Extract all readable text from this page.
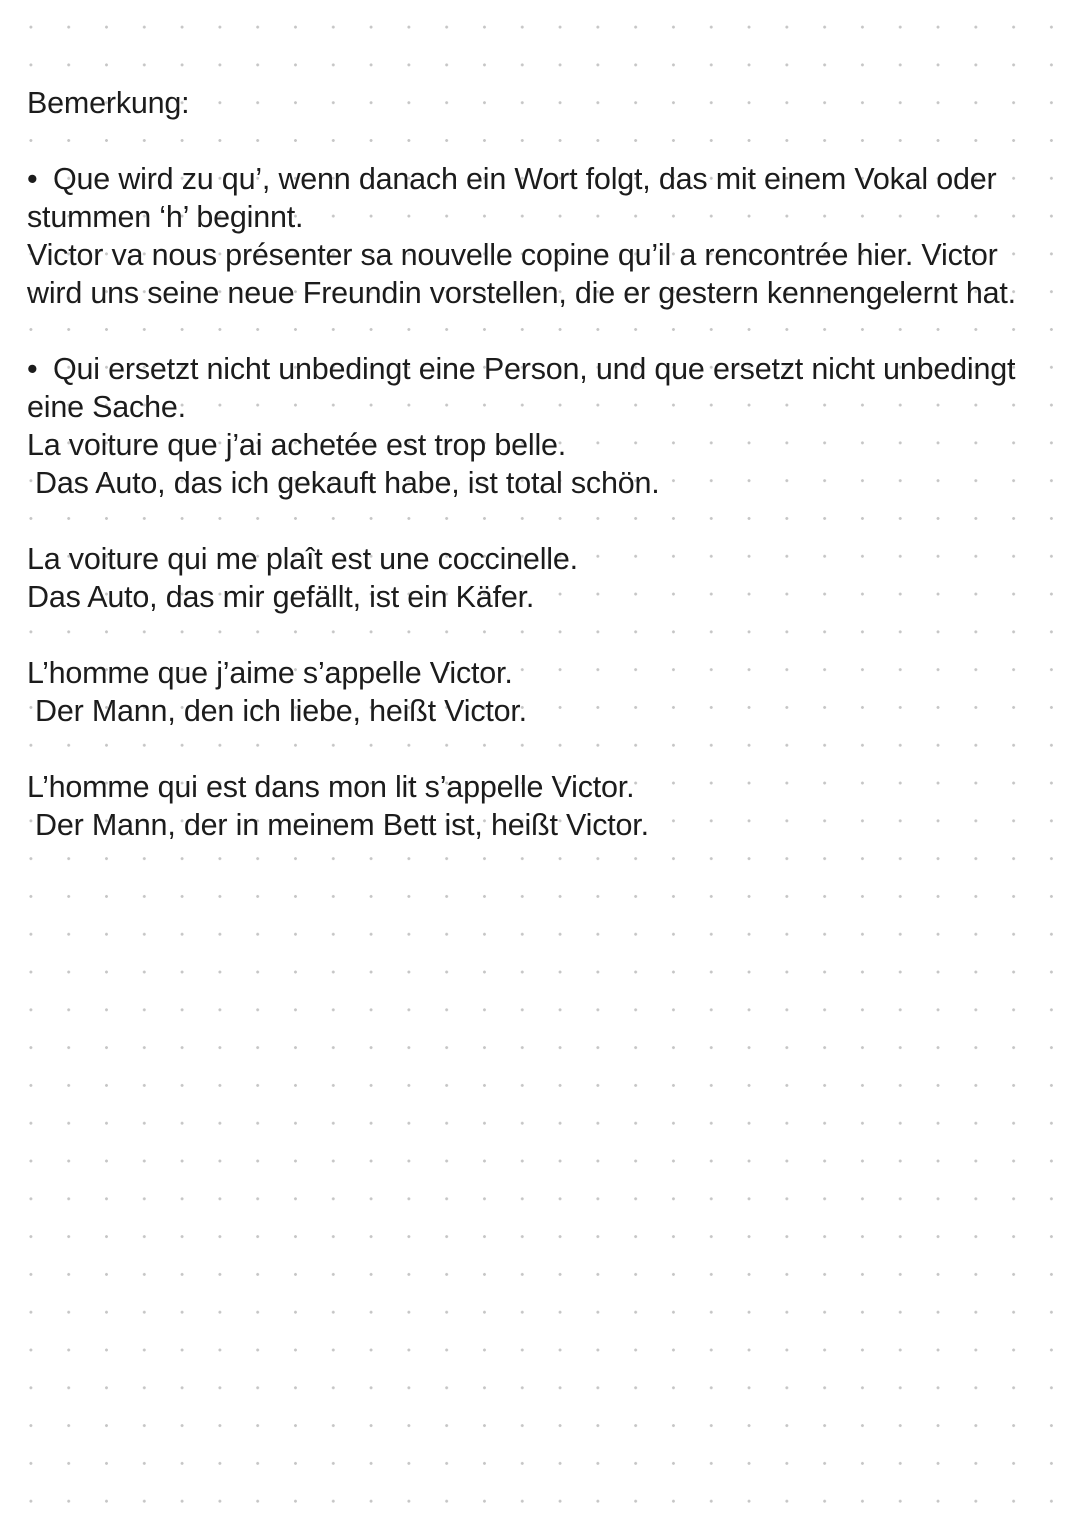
Bemerkung:
• Que wird zu qu’, wenn danach ein Wort folgt, das mit einem Vokal oder
stummen ‘h’ beginnt.
Victor va nous présenter sa nouvelle copine qu’il a rencontrée hier. Victor
wird uns seine neue Freundin vorstellen, die er gestern kennengelernt hat.
• Qui ersetzt nicht unbedingt eine Person, und que ersetzt nicht unbedingt
eine Sache.
La voiture que j’ai achetée est trop belle.
Das Auto, das ich gekauft habe, ist total schön.
La voiture qui me plaît est une coccinelle.
Das Auto, das mir gefällt, ist ein Käfer.
L’homme que j’aime s’appelle Victor.
Der Mann, den ich liebe, heißt Victor.
L’homme qui est dans mon lit s’appelle Victor.
Der Mann, der in meinem Bett ist, heißt Victor.
